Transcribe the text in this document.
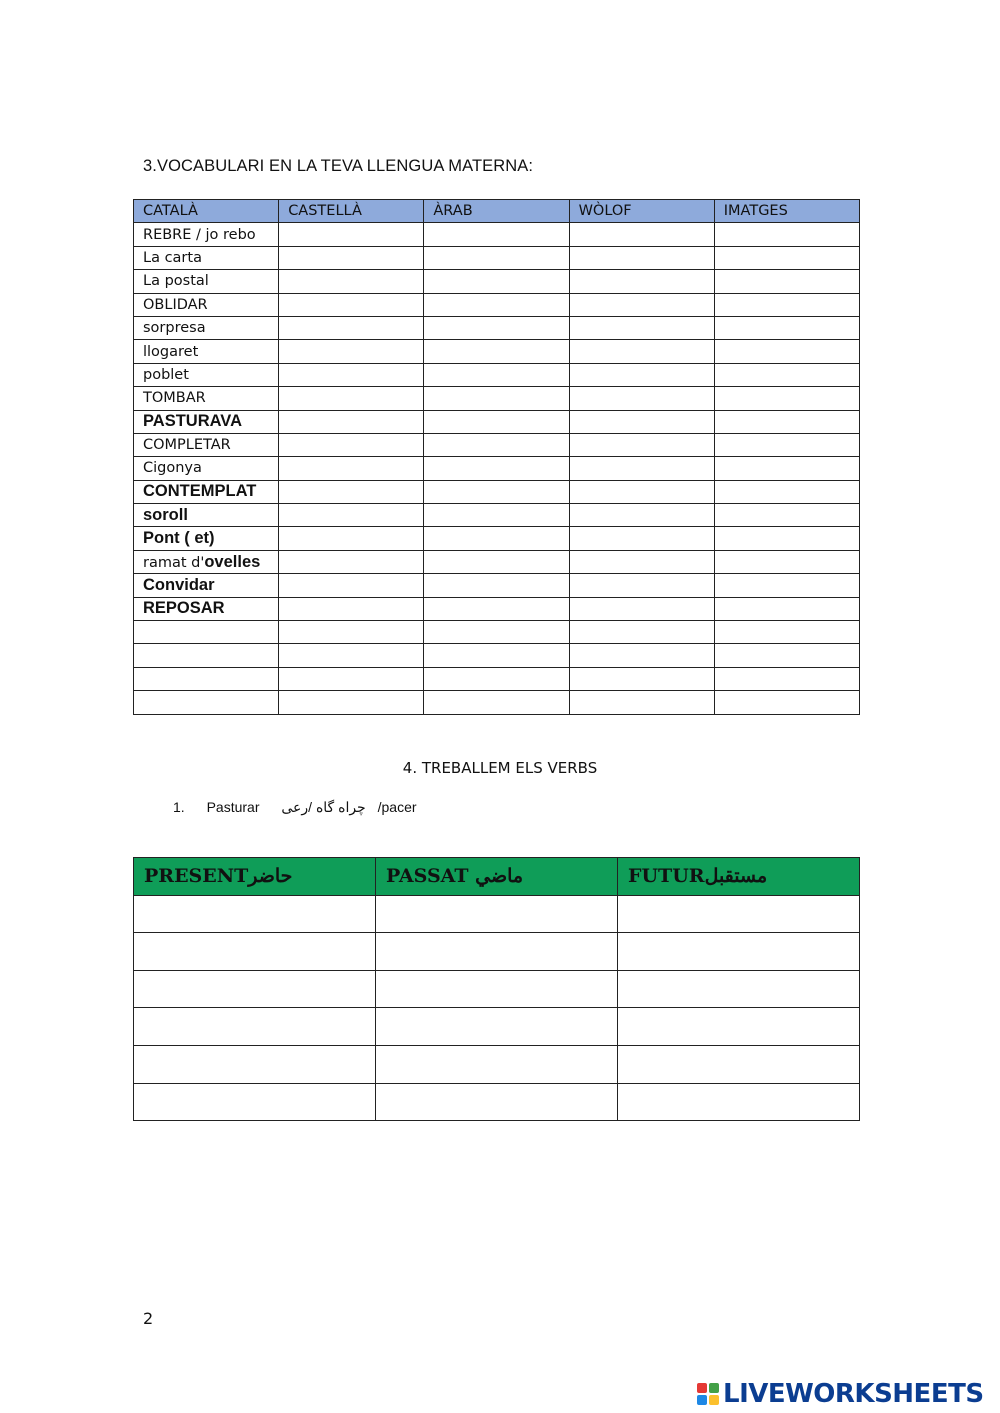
3.VOCABULARI EN LA TEVA LLENGUA MATERNA:
CATALÀ	CASTELLÀ	ÀRAB	WÒLOF	IMATGES
REBRE / jo rebo				
La carta				
La postal				
OBLIDAR				
sorpresa				
llogaret				
poblet				
TOMBAR				
PASTURAVA				
COMPLETAR				
Cigonya				
CONTEMPLAT				
soroll				
Pont ( et)				
ramat d'ovelles				
Convidar				
REPOSAR				

4. TREBALLEM ELS VERBS
1. Pasturar چراه گاه /رعی /pacer
PRESENTحاضر	PASSAT ماضي	FUTURمستقبل

2
LIVEWORKSHEETS
